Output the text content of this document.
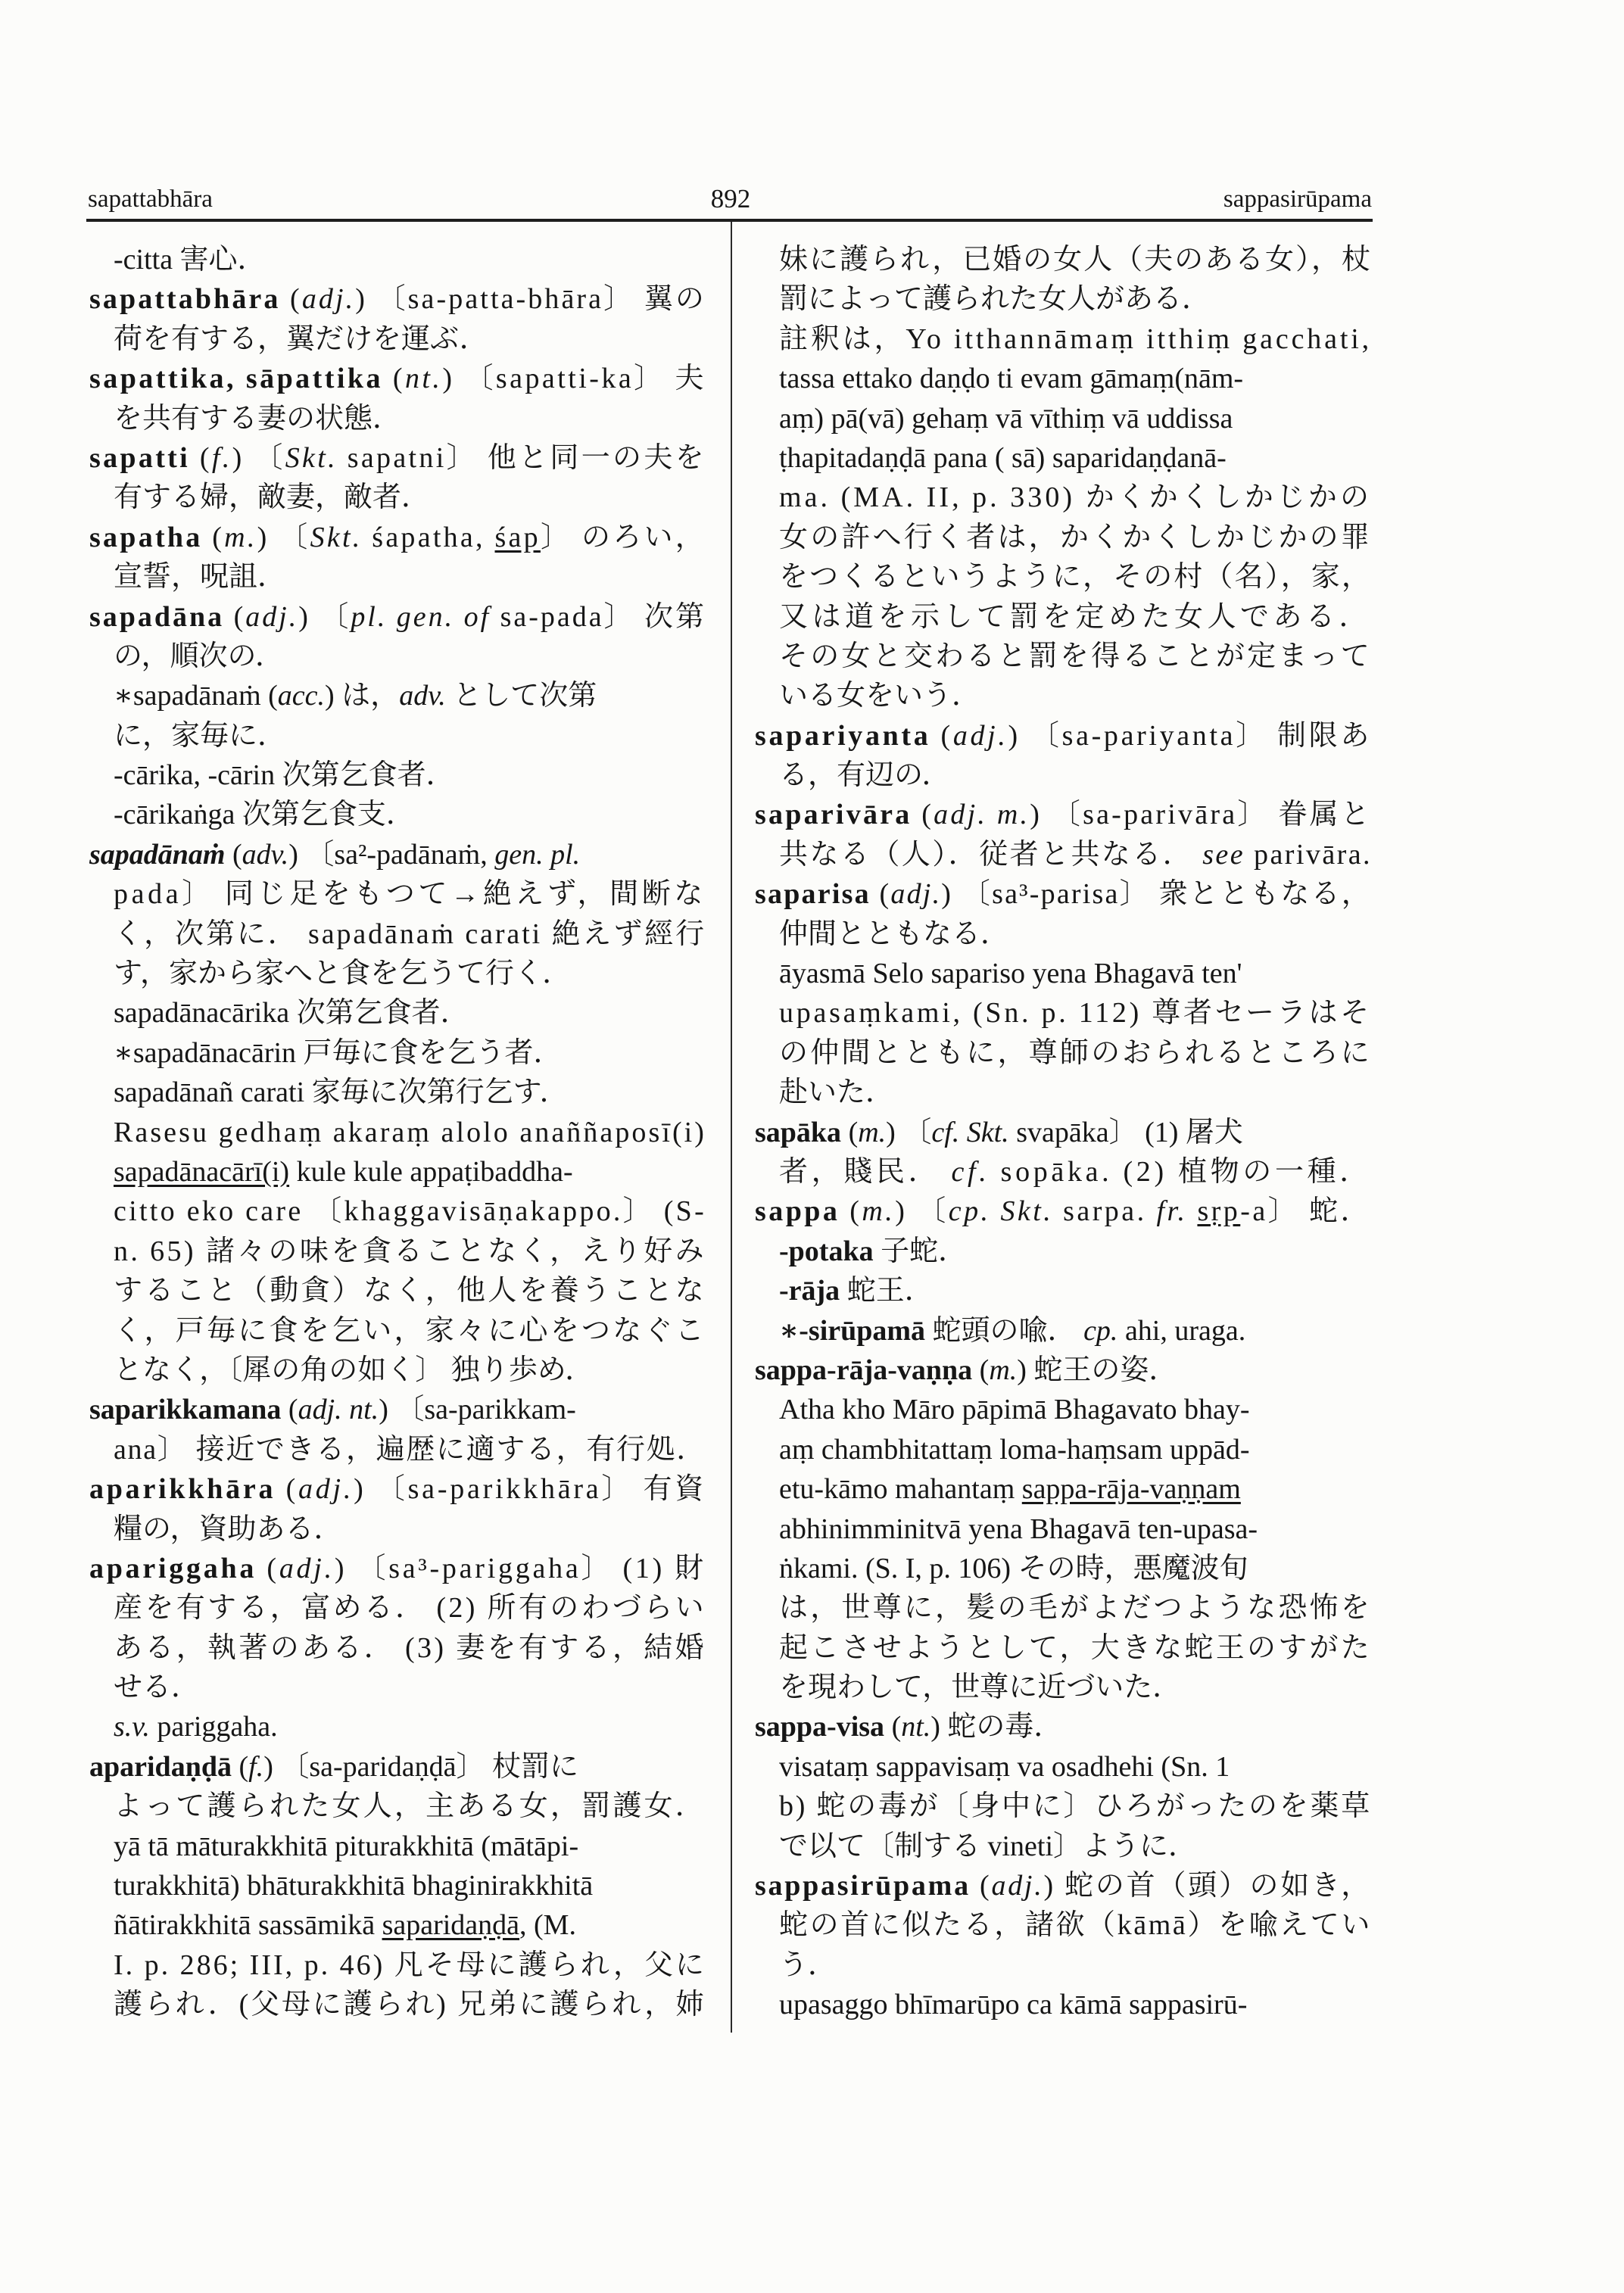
sapattabhāra	892	sappasirūpama
-citta 害心．
sapattabhāra (adj.) 〔sa-patta-bhāra〕 翼の
荷を有する，翼だけを運ぶ．
sapattika, sāpattika (nt.) 〔sapatti-ka〕 夫
を共有する妻の状態．
sapatti (f.) 〔Skt. sapatni〕 他と同一の夫を
有する婦，敵妻，敵者．
sapatha (m.) 〔Skt. śapatha, śap〕 のろい，
宣誓，呪詛．
sapadāna (adj.) 〔pl. gen. of sa-pada〕 次第
の，順次の．
∗sapadānaṁ (acc.) は，adv. として次第
に，家毎に．
-cārika, -cārin 次第乞食者．
-cārikaṅga 次第乞食支．
sapadānaṁ (adv.) 〔sa²-padānaṁ, gen. pl.
pada〕 同じ足をもつて→絶えず，間断な
く，次第に． sapadānaṁ carati 絶えず經行
す，家から家へと食を乞うて行く．
sapadānacārika 次第乞食者．
∗sapadānacārin 戸毎に食を乞う者．
sapadānañ carati 家毎に次第行乞す．
Rasesu gedhaṃ akaraṃ alolo anaññaposī(i)
sapadānacārī(i) kule kule appaṭibaddha-
citto eko care 〔khaggavisāṇakappo.〕 (S-
n. 65) 諸々の味を貪ることなく，えり好み
すること（動貪）なく，他人を養うことな
く，戸毎に食を乞い，家々に心をつなぐこ
となく，〔犀の角の如く〕 独り歩め．
saparikkamana (adj. nt.) 〔sa-parikkam-
ana〕 接近できる，遍歴に適する，有行処．
aparikkhāra (adj.) 〔sa-parikkhāra〕 有資
糧の，資助ある．
apariggaha (adj.) 〔sa³-pariggaha〕 (1) 財
産を有する，富める． (2) 所有のわづらい
ある，執著のある． (3) 妻を有する，結婚
せる．
s.v. pariggaha.
aparidaṇḍā (f.) 〔sa-paridaṇḍā〕 杖罰に
よって護られた女人，主ある女，罰護女．
yā tā māturakkhitā piturakkhitā (mātāpi-
turakkhitā) bhāturakkhitā bhaginirakkhitā
ñātirakkhitā sassāmikā saparidaṇḍā, (M.
I. p. 286; III, p. 46) 凡そ母に護られ，父に
護られ．(父母に護られ) 兄弟に護られ，姉
妹に護られ，已婚の女人（夫のある女），杖
罰によって護られた女人がある．
註釈は，Yo itthannāmaṃ itthiṃ gacchati,
tassa ettako daṇḍo ti evam gāmaṃ(nām-
aṃ) pā(vā) gehaṃ vā vīthiṃ vā uddissa
ṭhapitadaṇḍā pana ( sā) saparidaṇḍanā-
ma. (MA. II, p. 330) かくかくしかじかの
女の許へ行く者は，かくかくしかじかの罪
をつくるというように，その村（名），家，
又は道を示して罰を定めた女人である．
その女と交わると罰を得ることが定まって
いる女をいう．
sapariyanta (adj.) 〔sa-pariyanta〕 制限あ
る，有辺の．
saparivāra (adj. m.) 〔sa-parivāra〕 眷属と
共なる（人）．従者と共なる． see parivāra.
saparisa (adj.) 〔sa³-parisa〕 衆とともなる，
仲間とともなる．
āyasmā Selo sapariso yena Bhagavā ten'
upasaṃkami, (Sn. p. 112) 尊者セーラはそ
の仲間とともに，尊師のおられるところに
赴いた．
sapāka (m.) 〔cf. Skt. svapāka〕 (1) 屠犬
者，賤民． cf. sopāka. (2) 植物の一種．
sappa (m.) 〔cp. Skt. sarpa. fr. sṛp-a〕 蛇．
-potaka 子蛇．
-rāja 蛇王．
∗-sirūpamā 蛇頭の喩． cp. ahi, uraga.
sappa-rāja-vaṇṇa (m.) 蛇王の姿．
Atha kho Māro pāpimā Bhagavato bhay-
aṃ chambhitattaṃ loma-haṃsam uppād-
etu-kāmo mahantaṃ sappa-rāja-vaṇṇam
abhinimminitvā yena Bhagavā ten-upasa-
ṅkami. (S. I, p. 106) その時，悪魔波旬
は，世尊に，髪の毛がよだつような恐怖を
起こさせようとして，大きな蛇王のすがた
を現わして，世尊に近づいた．
sappa-visa (nt.) 蛇の毒．
visataṃ sappavisaṃ va osadhehi (Sn. 1
b) 蛇の毒が〔身中に〕ひろがったのを薬草
で以て〔制する vineti〕ように．
sappasirūpama (adj.) 蛇の首（頭）の如き，
蛇の首に似たる，諸欲（kāmā）を喩えてい
う．
upasaggo bhīmarūpo ca kāmā sappasirū-
